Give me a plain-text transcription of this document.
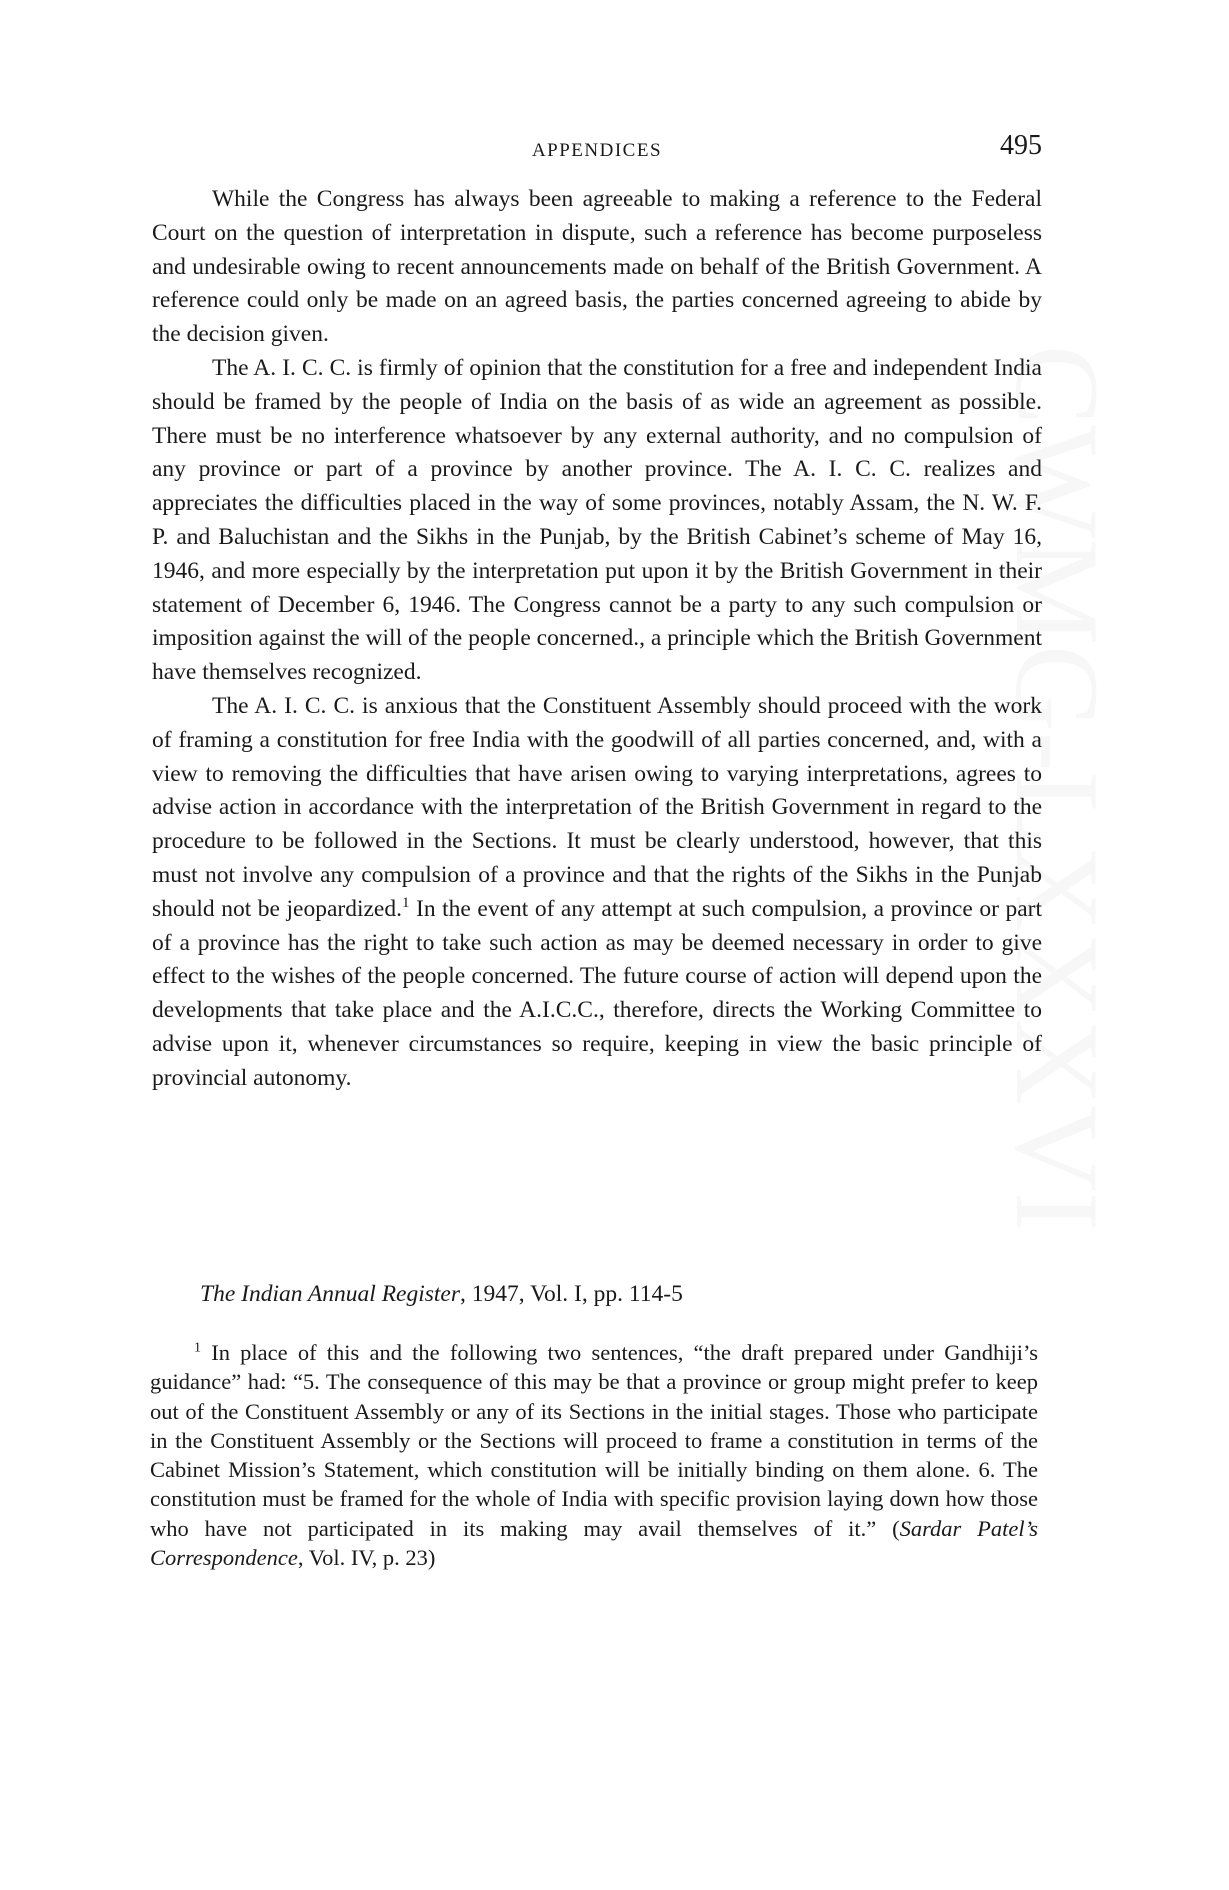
CWMG-LXXXVI
APPENDICES	495

While the Congress has always been agreeable to making a reference to the Federal Court on the question of interpretation in dispute, such a reference has become purposeless and undesirable owing to recent announcements made on behalf of the British Government. A reference could only be made on an agreed basis, the parties concerned agreeing to abide by the decision given.

The A. I. C. C. is firmly of opinion that the constitution for a free and independent India should be framed by the people of India on the basis of as wide an agreement as possible. There must be no interference whatsoever by any external authority, and no compulsion of any province or part of a province by another province. The A. I. C. C. realizes and appreciates the difficulties placed in the way of some provinces, notably Assam, the N. W. F. P. and Baluchistan and the Sikhs in the Punjab, by the British Cabinet’s scheme of May 16, 1946, and more especially by the interpretation put upon it by the British Government in their statement of December 6, 1946. The Congress cannot be a party to any such compulsion or imposition against the will of the people concerned., a principle which the British Government have themselves recognized.

The A. I. C. C. is anxious that the Constituent Assembly should proceed with the work of framing a constitution for free India with the goodwill of all parties concerned, and, with a view to removing the difficulties that have arisen owing to varying interpretations, agrees to advise action in accordance with the interpretation of the British Government in regard to the procedure to be followed in the Sections. It must be clearly understood, however, that this must not involve any compulsion of a province and that the rights of the Sikhs in the Punjab should not be jeopardized.$^1$ In the event of any attempt at such compulsion, a province or part of a province has the right to take such action as may be deemed necessary in order to give effect to the wishes of the people concerned. The future course of action will depend upon the developments that take place and the A.I.C.C., therefore, directs the Working Committee to advise upon it, whenever circumstances so require, keeping in view the basic principle of provincial autonomy.

The Indian Annual Register, 1947, Vol. I, pp. 114-5

$^1$ In place of this and the following two sentences, “the draft prepared under Gandhiji’s guidance” had: “5. The consequence of this may be that a province or group might prefer to keep out of the Constituent Assembly or any of its Sections in the initial stages. Those who participate in the Constituent Assembly or the Sections will proceed to frame a constitution in terms of the Cabinet Mission’s Statement, which constitution will be initially binding on them alone. 6. The constitution must be framed for the whole of India with specific provision laying down how those who have not participated in its making may avail themselves of it.” (Sardar Patel’s Correspondence, Vol. IV, p. 23)
